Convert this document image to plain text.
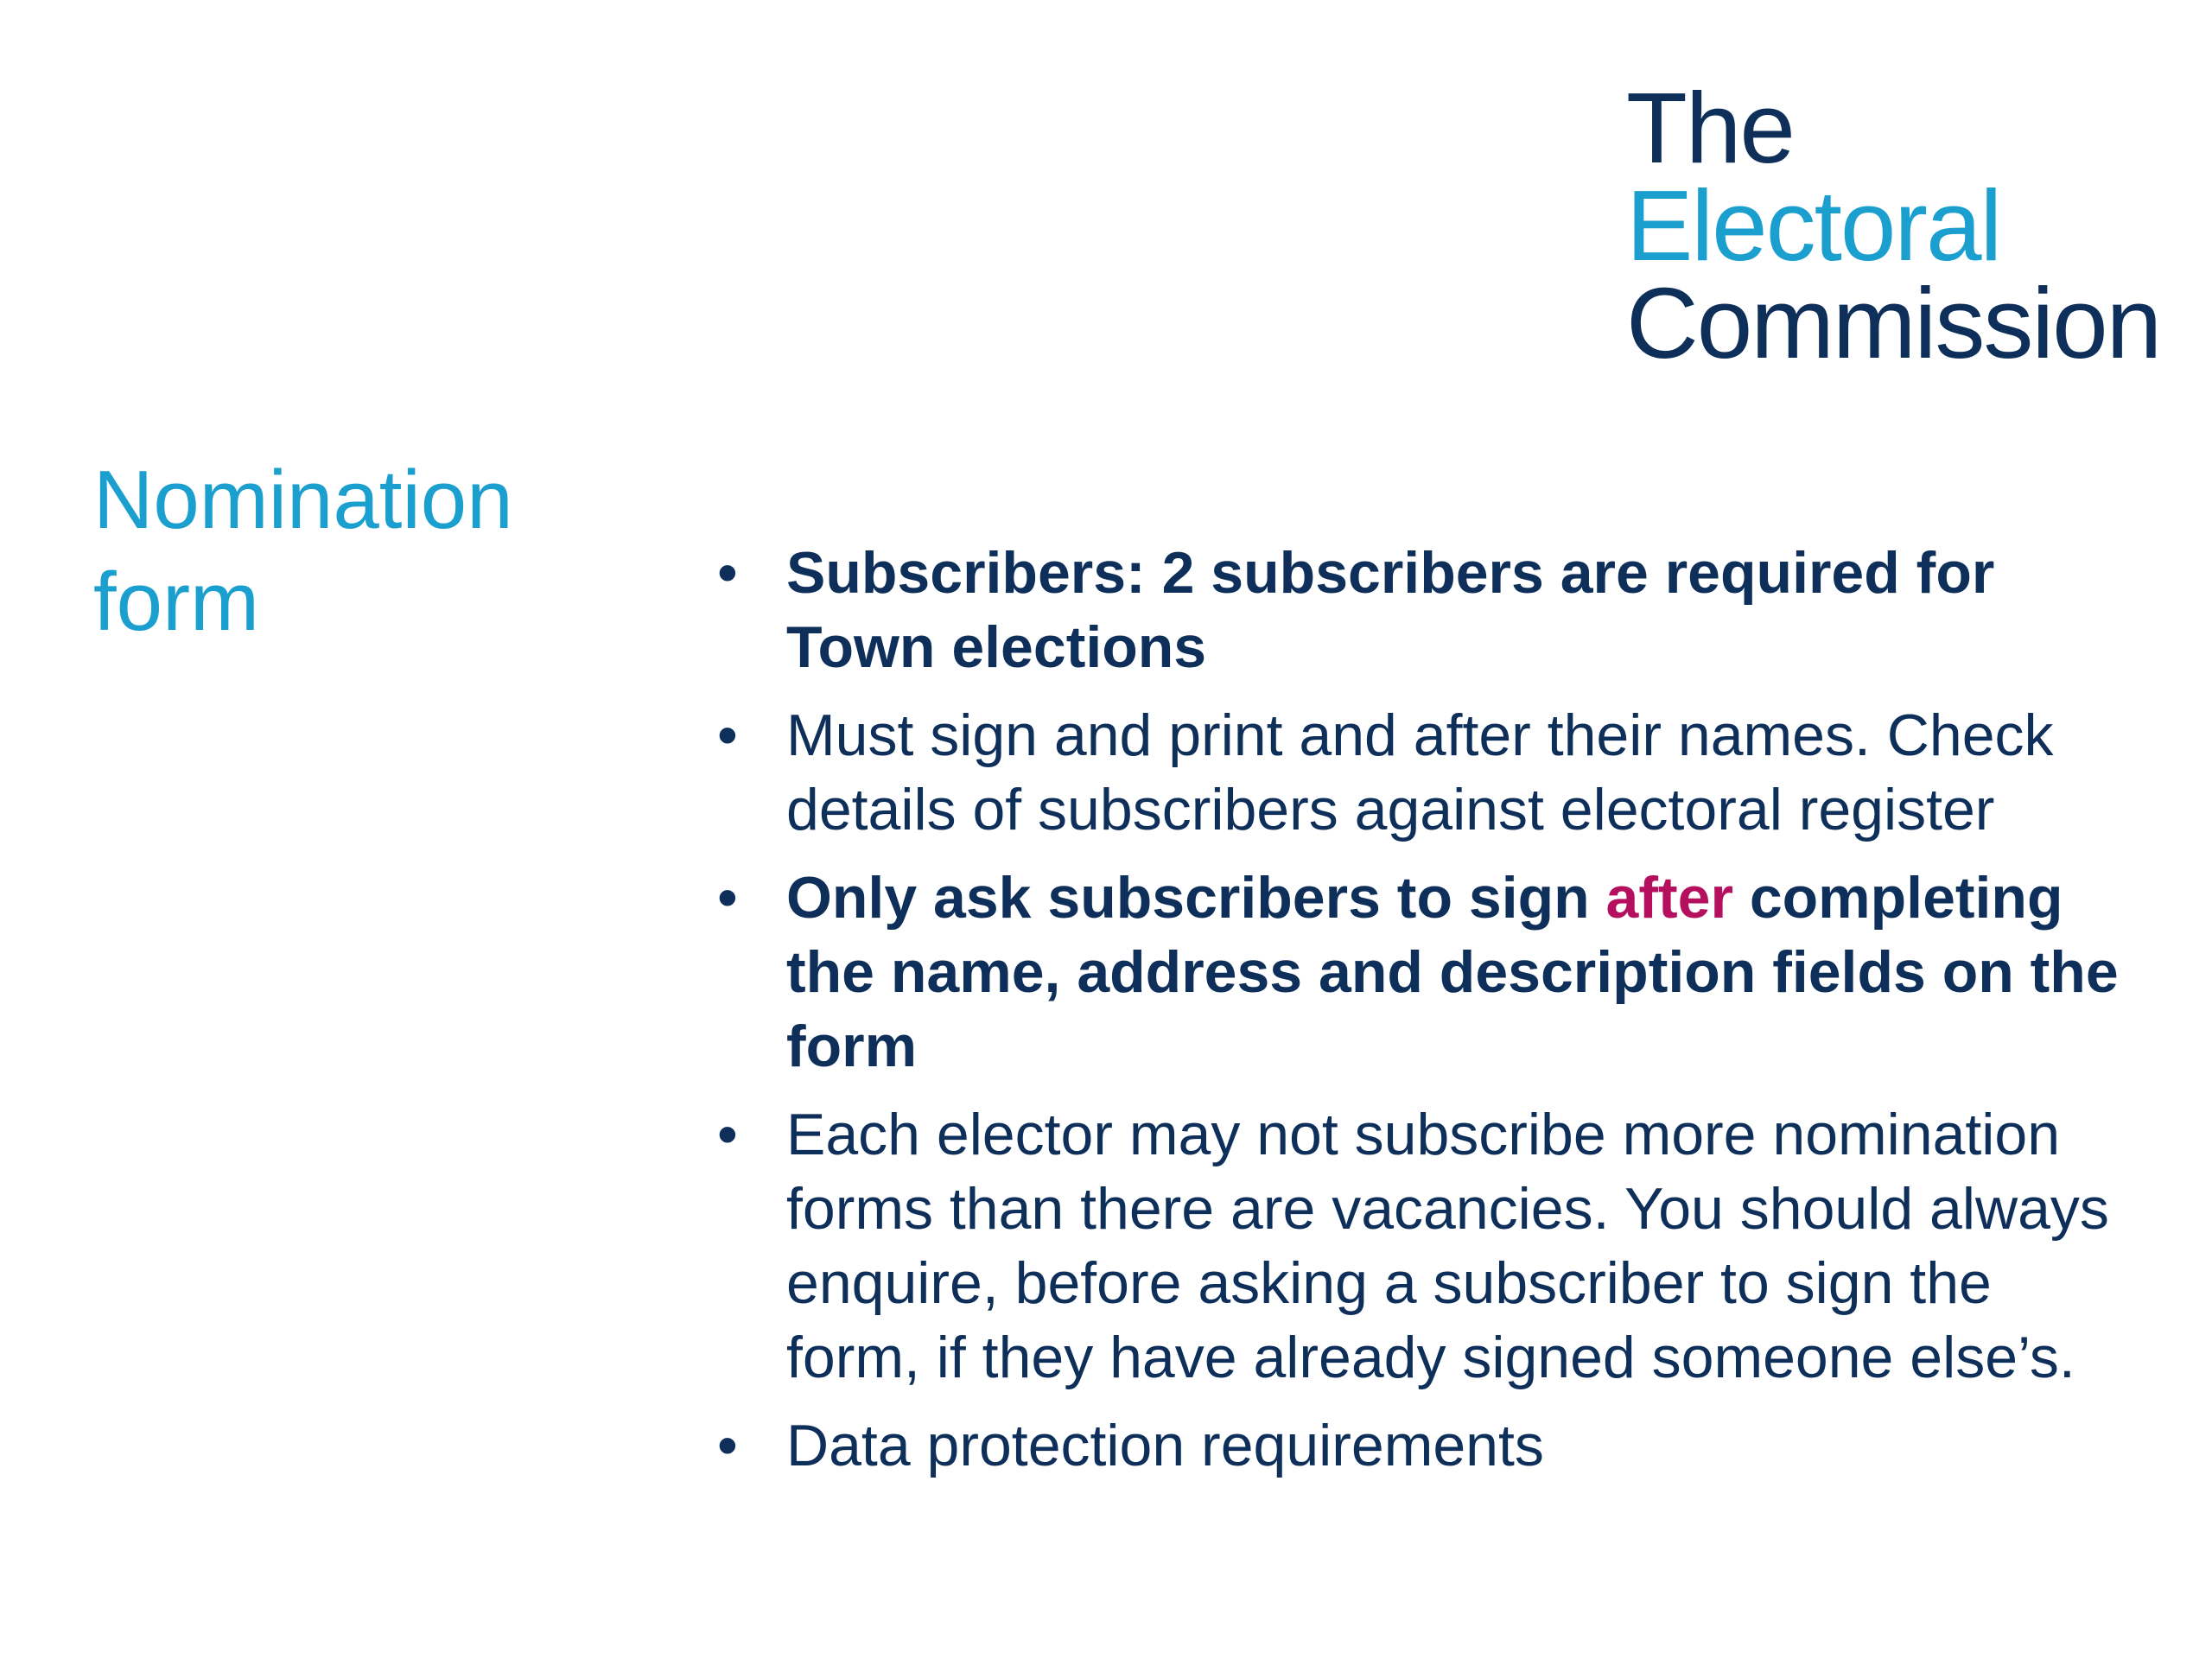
The
Electoral
Commission
Nomination
form	• Subscribers: 2 subscribers are required for Town elections
• Must sign and print and after their names. Check details of subscribers against electoral register
• Only ask subscribers to sign after completing the name, address and description fields on the form
• Each elector may not subscribe more nomination forms than there are vacancies. You should always enquire, before asking a subscriber to sign the form, if they have already signed someone else’s.
• Data protection requirements
